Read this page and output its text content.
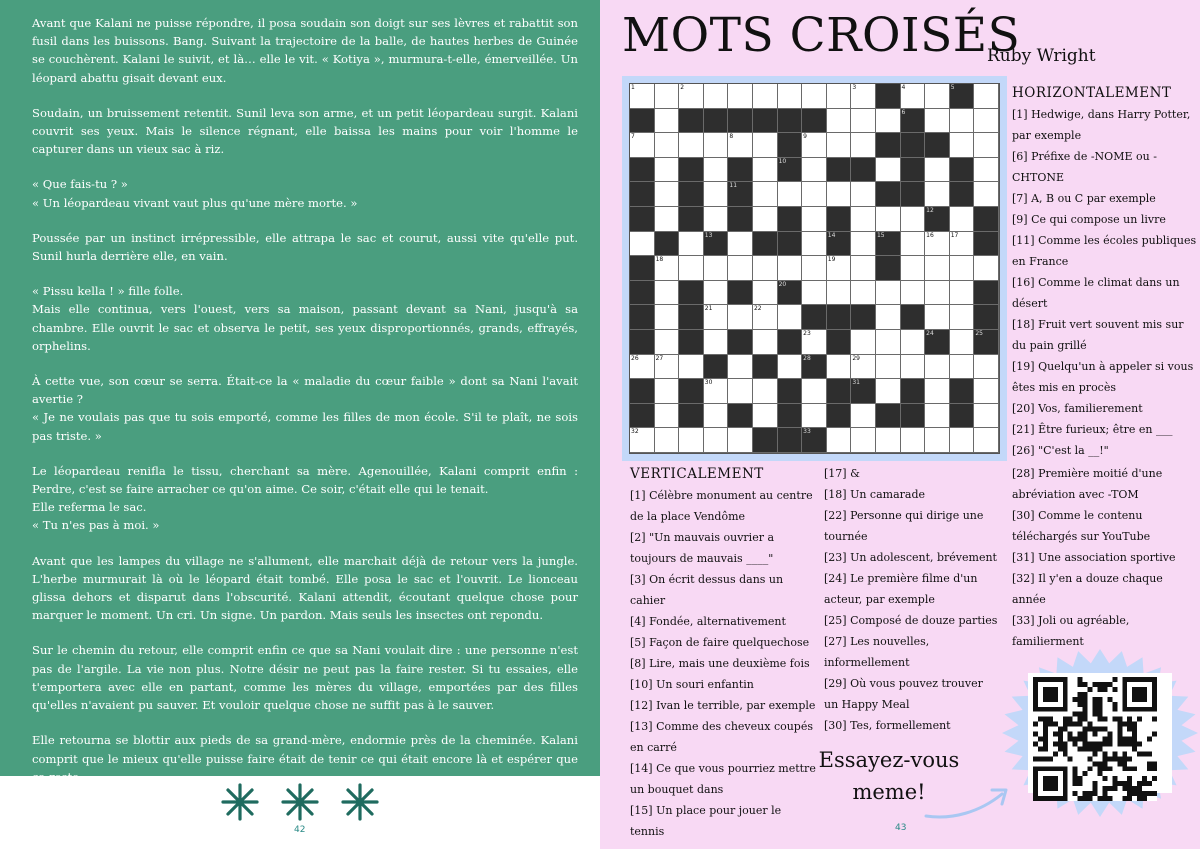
Avant que Kalani ne puisse répondre, il posa soudain son doigt sur ses lèvres et rabattit son fusil dans les buissons. Bang. Suivant la trajectoire de la balle, de hautes herbes de Guinée se couchèrent. Kalani le suivit, et là… elle le vit. « Kotiya », murmura-t-elle, émerveillée. Un léopard abattu gisait devant eux.

Soudain, un bruissement retentit. Sunil leva son arme, et un petit léopardeau surgit. Kalani couvrit ses yeux. Mais le silence régnant, elle baissa les mains pour voir l'homme le capturer dans un vieux sac à riz.

« Que fais-tu ? »
« Un léopardeau vivant vaut plus qu'une mère morte. »

Poussée par un instinct irrépressible, elle attrapa le sac et courut, aussi vite qu'elle put. Sunil hurla derrière elle, en vain.

« Pissu kella ! » fille folle.
Mais elle continua, vers l'ouest, vers sa maison, passant devant sa Nani, jusqu'à sa chambre. Elle ouvrit le sac et observa le petit, ses yeux disproportionnés, grands, effrayés, orphelins.

À cette vue, son cœur se serra. Était-ce la « maladie du cœur faible » dont sa Nani l'avait avertie ?
« Je ne voulais pas que tu sois emporté, comme les filles de mon école. S'il te plaît, ne sois pas triste. »

Le léopardeau renifla le tissu, cherchant sa mère. Agenouillée, Kalani comprit enfin : Perdre, c'est se faire arracher ce qu'on aime. Ce soir, c'était elle qui le tenait.
Elle referma le sac.
« Tu n'es pas à moi. »

Avant que les lampes du village ne s'allument, elle marchait déjà de retour vers la jungle. L'herbe murmurait là où le léopard était tombé. Elle posa le sac et l'ouvrit. Le lionceau glissa dehors et disparut dans l'obscurité. Kalani attendit, écoutant quelque chose pour marquer le moment. Un cri. Un signe. Un pardon. Mais seuls les insectes ont repondu.

Sur le chemin du retour, elle comprit enfin ce que sa Nani voulait dire : une personne n'est pas de l'argile. La vie non plus. Notre désir ne peut pas la faire rester. Si tu essaies, elle t'emportera avec elle en partant, comme les mères du village, emportées par des filles qu'elles n'avaient pu sauver. Et vouloir quelque chose ne suffit pas à le sauver.

Elle retourna se blottir aux pieds de sa grand-mère, endormie près de la cheminée. Kalani comprit que le mieux qu'elle puisse faire était de tenir ce qui était encore là et espérer que ça reste.

42
MOTS CROISÉS
Ruby Wright
1	2	3	4	5
6
7	8	9
10
11
12
13	14	15	16	17
18	19
20
21	22
23	24	25
26	27	28	29
30	31
32	33
HORIZONTALEMENT
[1] Hedwige, dans Harry Potter, par exemple
[6] Préfixe de -NOME ou -CHTONE
[7] A, B ou C par exemple
[9] Ce qui compose un livre
[11] Comme les écoles publiques en France
[16] Comme le climat dans un désert
[18] Fruit vert souvent mis sur du pain grillé
[19] Quelqu'un à appeler si vous êtes mis en procès
[20] Vos, familierement
[21] Être furieux; être en ___
[26] "C'est la __!"
[28] Première moitié d'une abréviation avec -TOM
[30] Comme le contenu téléchargés sur YouTube
[31] Une association sportive
[32] Il y'en a douze chaque année
[33] Joli ou agréable, familierment
VERTICALEMENT
[1] Célèbre monument au centre de la place Vendôme
[2] "Un mauvais ouvrier a toujours de mauvais ____"
[3] On écrit dessus dans un cahier
[4] Fondée, alternativement
[5] Façon de faire quelquechose
[8] Lire, mais une deuxième fois
[10] Un souri enfantin
[12] Ivan le terrible, par exemple
[13] Comme des cheveux coupés en carré
[14] Ce que vous pourriez mettre un bouquet dans
[15] Un place pour jouer le tennis
[17] &
[18] Un camarade
[22] Personne qui dirige une tournée
[23] Un adolescent, brévement
[24] Le première filme d'un acteur, par exemple
[25] Composé de douze parties
[27] Les nouvelles, informellement
[29] Où vous pouvez trouver un Happy Meal
[30] Tes, formellement
Essayez-vous meme!
43
